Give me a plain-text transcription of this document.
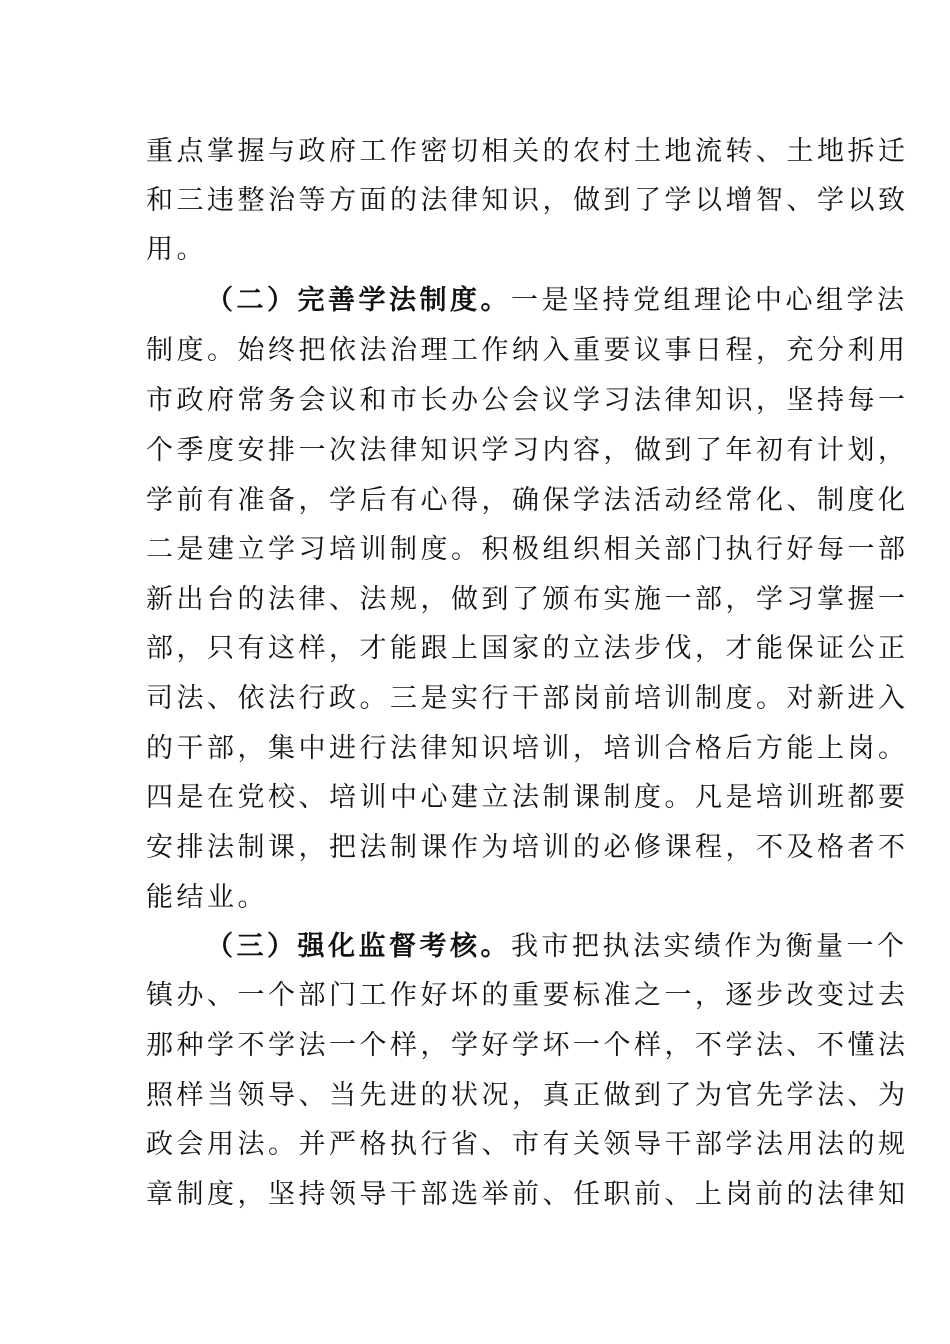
重点掌握与政府工作密切相关的农村土地流转、土地拆迁
和三违整治等方面的法律知识，做到了学以增智、学以致
用。
（二）完善学法制度。一是坚持党组理论中心组学法
制度。始终把依法治理工作纳入重要议事日程，充分利用
市政府常务会议和市长办公会议学习法律知识，坚持每一
个季度安排一次法律知识学习内容，做到了年初有计划，
学前有准备，学后有心得，确保学法活动经常化、制度化
二是建立学习培训制度。积极组织相关部门执行好每一部
新出台的法律、法规，做到了颁布实施一部，学习掌握一
部，只有这样，才能跟上国家的立法步伐，才能保证公正
司法、依法行政。三是实行干部岗前培训制度。对新进入
的干部，集中进行法律知识培训，培训合格后方能上岗。
四是在党校、培训中心建立法制课制度。凡是培训班都要
安排法制课，把法制课作为培训的必修课程，不及格者不
能结业。
（三）强化监督考核。我市把执法实绩作为衡量一个
镇办、一个部门工作好坏的重要标准之一，逐步改变过去
那种学不学法一个样，学好学坏一个样，不学法、不懂法
照样当领导、当先进的状况，真正做到了为官先学法、为
政会用法。并严格执行省、市有关领导干部学法用法的规
章制度，坚持领导干部选举前、任职前、上岗前的法律知
